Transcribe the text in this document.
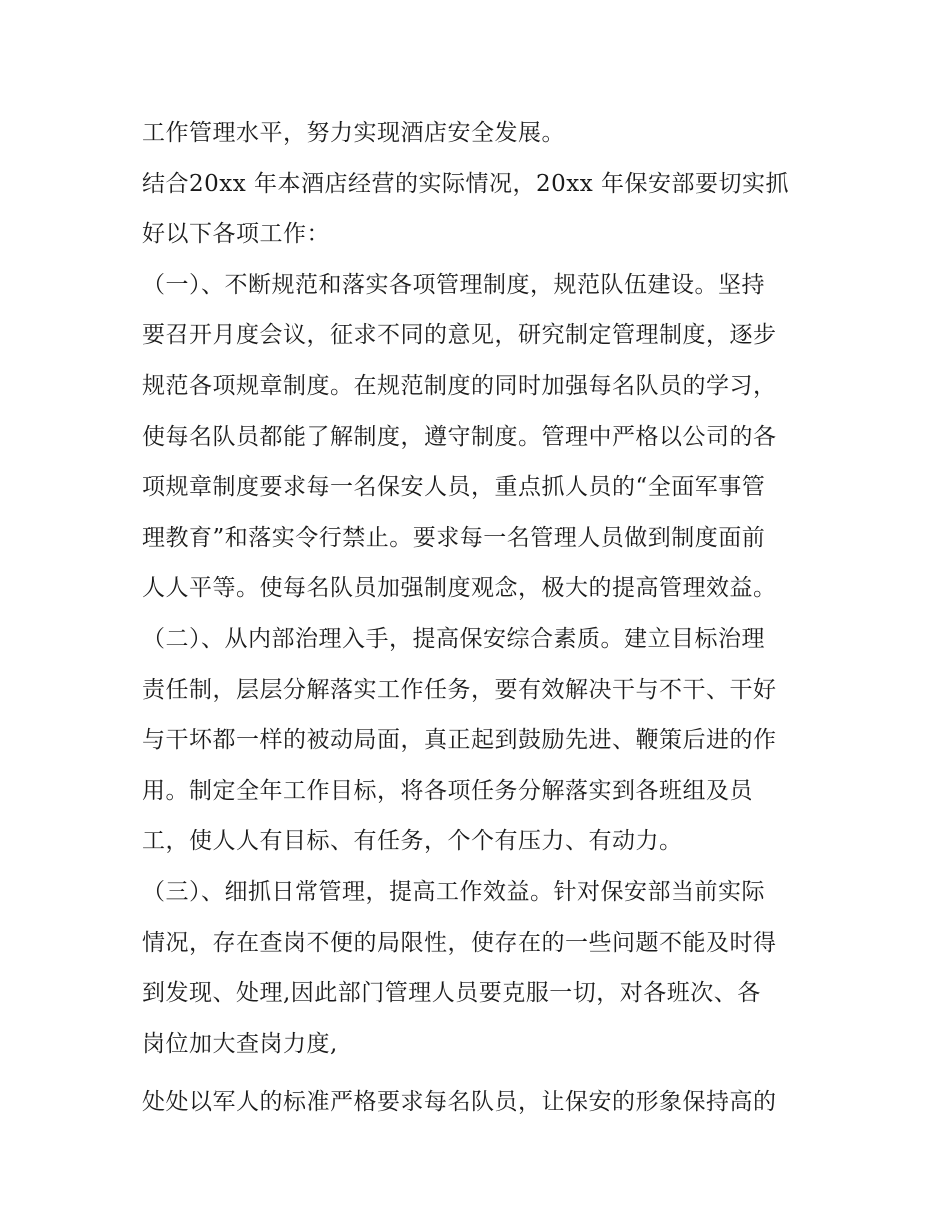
工作管理水平，努力实现酒店安全发展。
结合20xx 年本酒店经营的实际情况，20xx 年保安部要切实抓
好以下各项工作：
（一）、不断规范和落实各项管理制度，规范队伍建设。坚持
要召开月度会议，征求不同的意见，研究制定管理制度，逐步
规范各项规章制度。在规范制度的同时加强每名队员的学习，
使每名队员都能了解制度，遵守制度。管理中严格以公司的各
项规章制度要求每一名保安人员，重点抓人员的“全面军事管
理教育”和落实令行禁止。要求每一名管理人员做到制度面前
人人平等。使每名队员加强制度观念，极大的提高管理效益。
（二）、从内部治理入手，提高保安综合素质。建立目标治理
责任制，层层分解落实工作任务，要有效解决干与不干、干好
与干坏都一样的被动局面，真正起到鼓励先进、鞭策后进的作
用。制定全年工作目标，将各项任务分解落实到各班组及员
工，使人人有目标、有任务，个个有压力、有动力。
（三）、细抓日常管理，提高工作效益。针对保安部当前实际
情况，存在查岗不便的局限性，使存在的一些问题不能及时得
到发现、处理,因此部门管理人员要克服一切，对各班次、各
岗位加大查岗力度,
处处以军人的标准严格要求每名队员，让保安的形象保持高的
